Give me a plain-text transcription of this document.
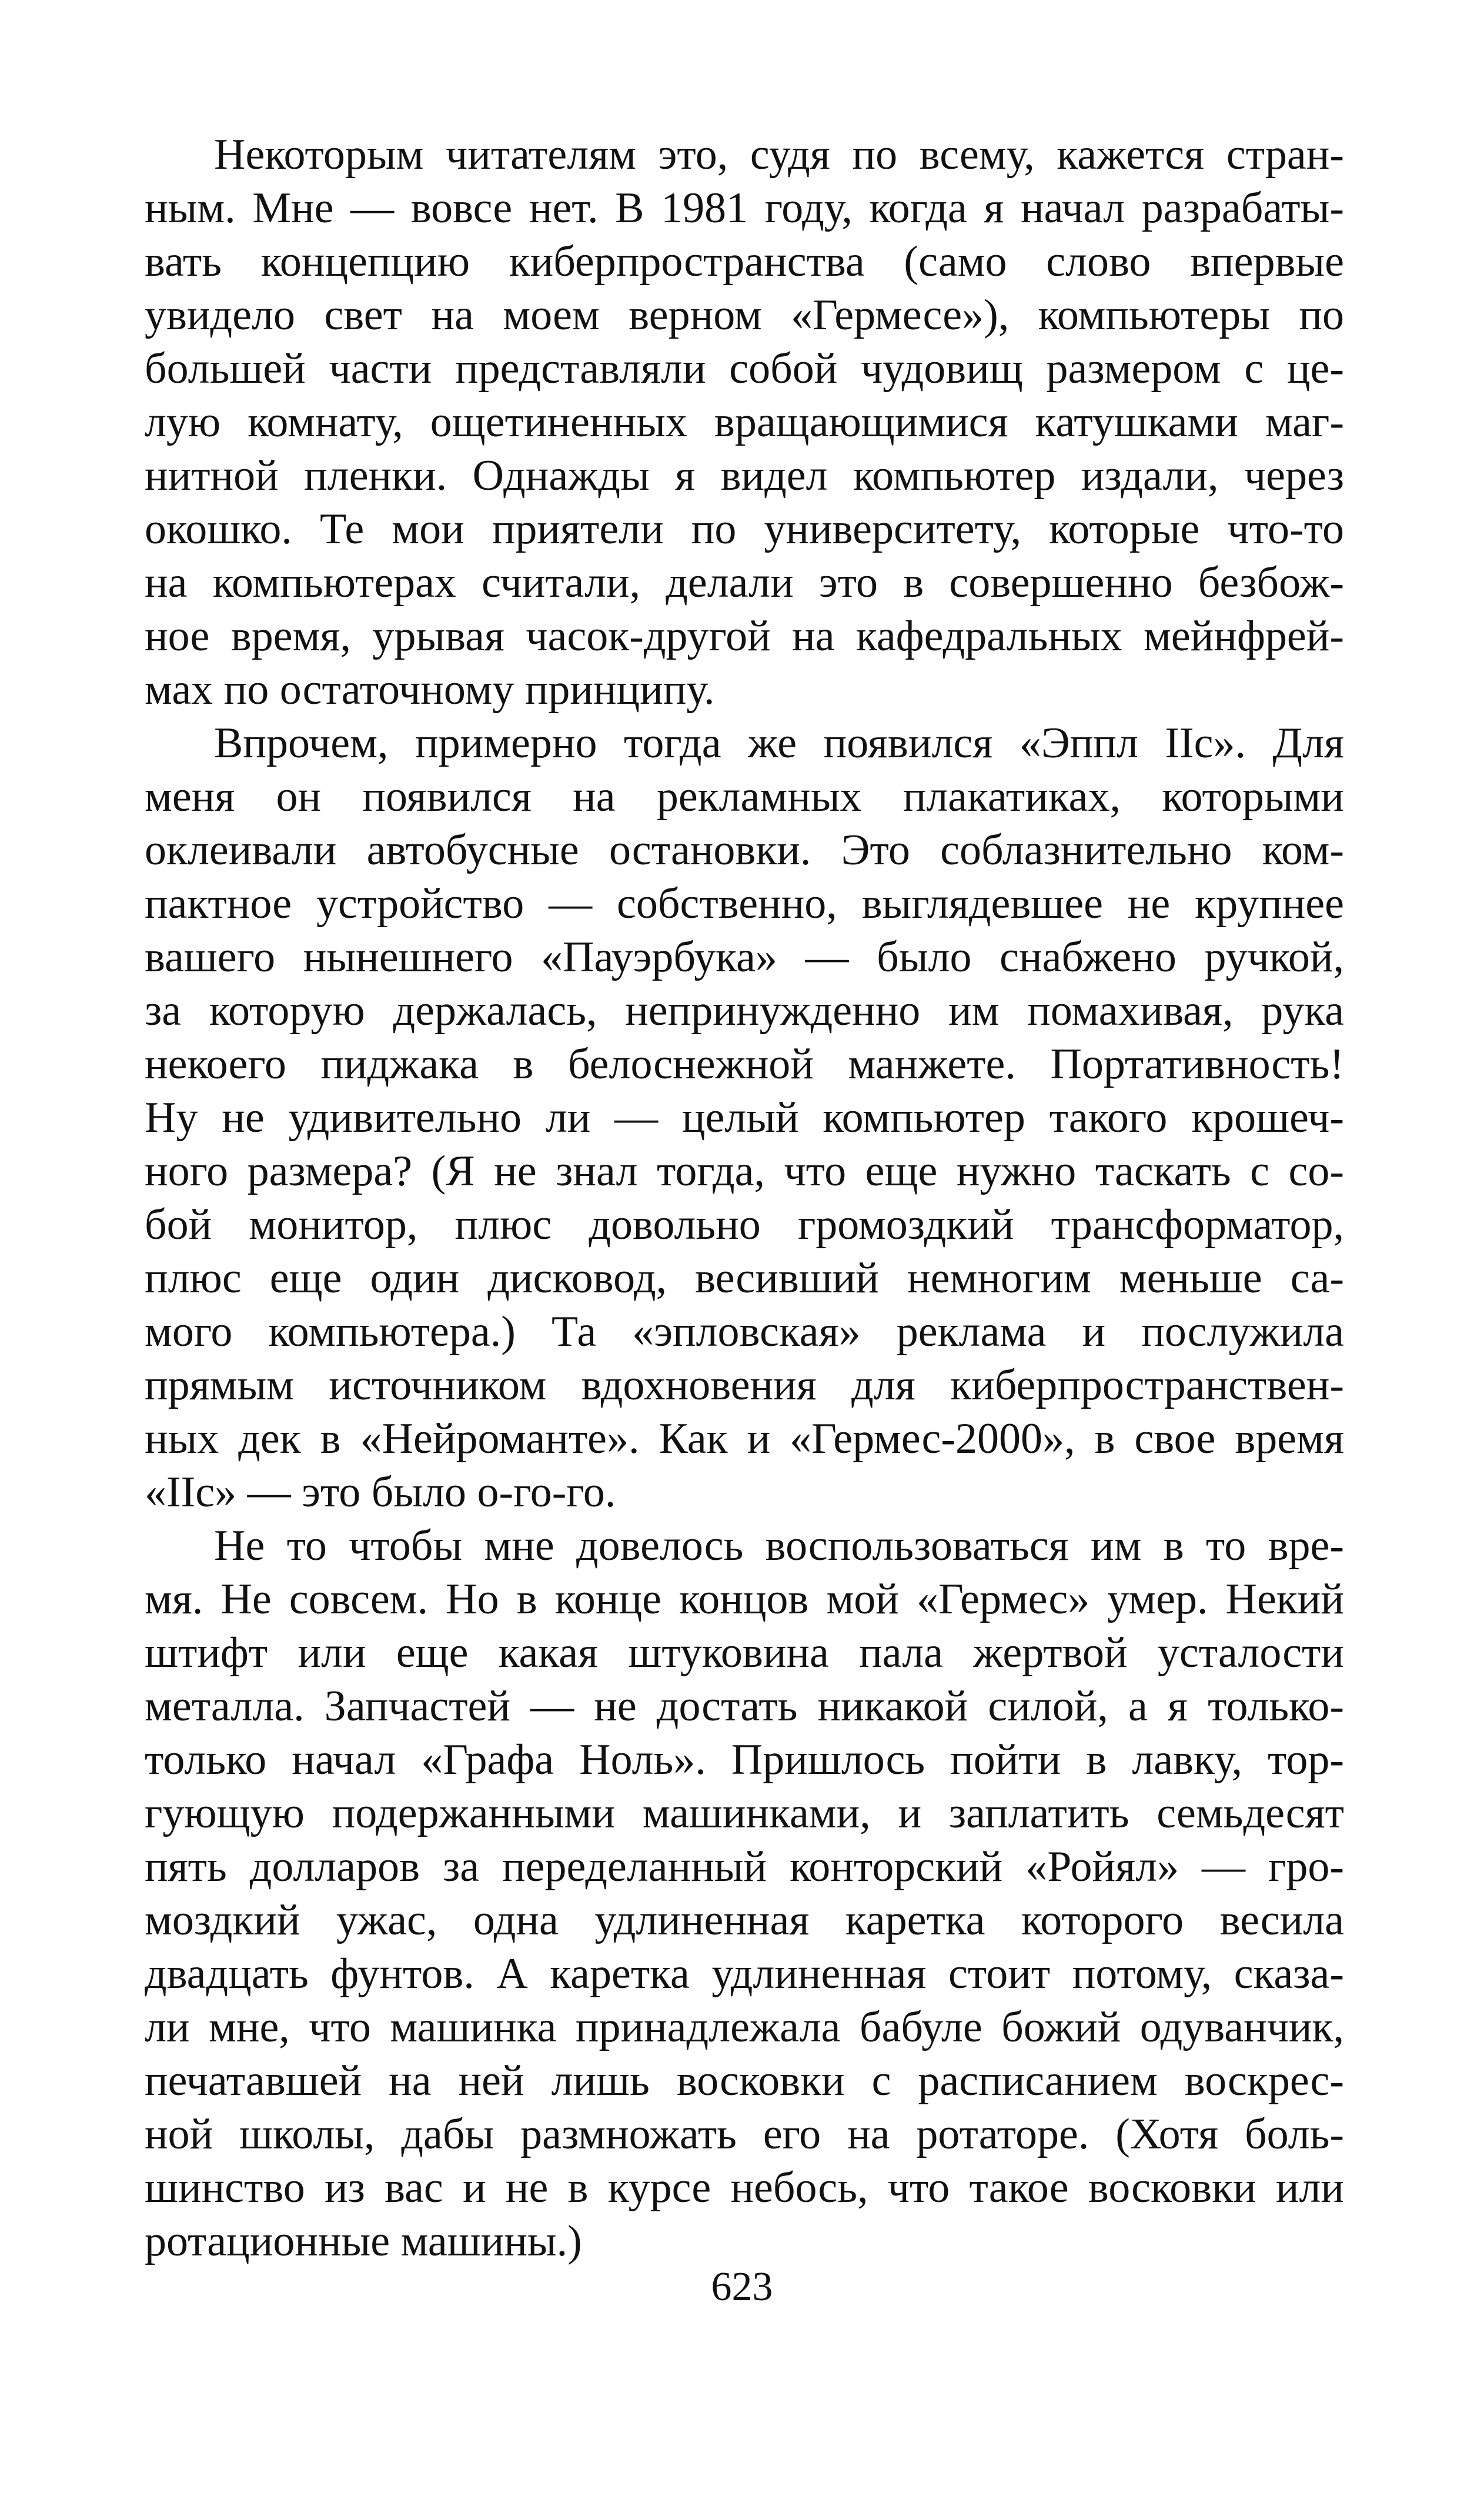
Некоторым читателям это, судя по всему, кажется стран-
ным. Мне — вовсе нет. В 1981 году, когда я начал разрабаты-
вать концепцию киберпространства (само слово впервые
увидело свет на моем верном «Гермесе»), компьютеры по
большей части представляли собой чудовищ размером с це-
лую комнату, ощетиненных вращающимися катушками маг-
нитной пленки. Однажды я видел компьютер издали, через
окошко. Те мои приятели по университету, которые что-то
на компьютерах считали, делали это в совершенно безбож-
ное время, урывая часок-другой на кафедральных мейнфрей-
мах по остаточному принципу.
Впрочем, примерно тогда же появился «Эппл IIc». Для
меня он появился на рекламных плакатиках, которыми
оклеивали автобусные остановки. Это соблазнительно ком-
пактное устройство — собственно, выглядевшее не крупнее
вашего нынешнего «Пауэрбука» — было снабжено ручкой,
за которую держалась, непринужденно им помахивая, рука
некоего пиджака в белоснежной манжете. Портативность!
Ну не удивительно ли — целый компьютер такого крошеч-
ного размера? (Я не знал тогда, что еще нужно таскать с со-
бой монитор, плюс довольно громоздкий трансформатор,
плюс еще один дисковод, весивший немногим меньше са-
мого компьютера.) Та «эпловская» реклама и послужила
прямым источником вдохновения для киберпространствен-
ных дек в «Нейроманте». Как и «Гермес-2000», в свое время
«IIc» — это было о-го-го.
Не то чтобы мне довелось воспользоваться им в то вре-
мя. Не совсем. Но в конце концов мой «Гермес» умер. Некий
штифт или еще какая штуковина пала жертвой усталости
металла. Запчастей — не достать никакой силой, а я только-
только начал «Графа Ноль». Пришлось пойти в лавку, тор-
гующую подержанными машинками, и заплатить семьдесят
пять долларов за переделанный конторский «Ройял» — гро-
моздкий ужас, одна удлиненная каретка которого весила
двадцать фунтов. А каретка удлиненная стоит потому, сказа-
ли мне, что машинка принадлежала бабуле божий одуванчик,
печатавшей на ней лишь восковки с расписанием воскрес-
ной школы, дабы размножать его на ротаторе. (Хотя боль-
шинство из вас и не в курсе небось, что такое восковки или
ротационные машины.)
623
